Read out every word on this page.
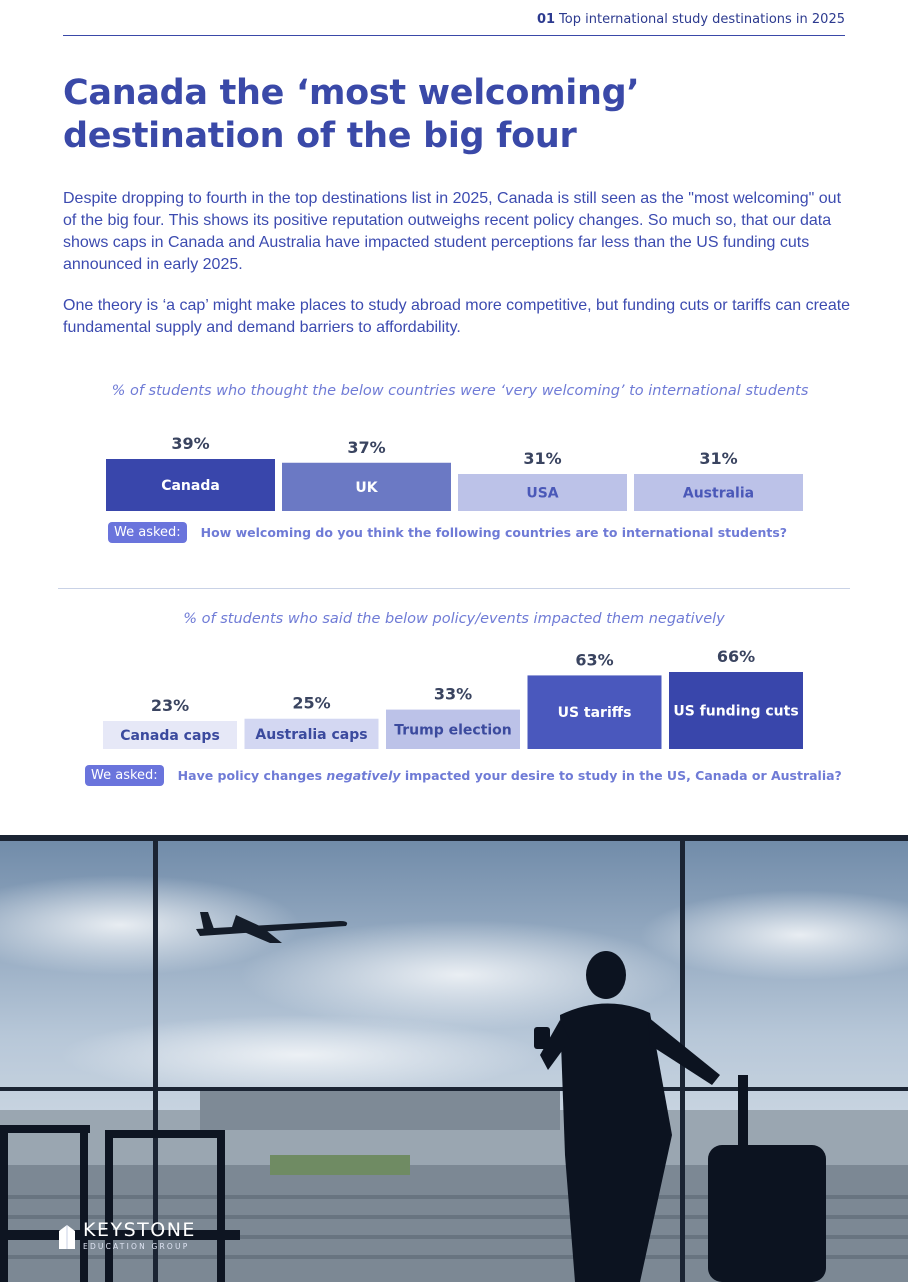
01 Top international study destinations in 2025
Canada the ‘most welcoming’ destination of the big four

Despite dropping to fourth in the top destinations list in 2025, Canada is still seen as the "most welcoming" out of the big four. This shows its positive reputation outweighs recent policy changes. So much so, that our data shows caps in Canada and Australia have impacted student perceptions far less than the US funding cuts announced in early 2025.

One theory is ‘a cap’ might make places to study abroad more competitive, but funding cuts or tariffs can create fundamental supply and demand barriers to affordability.

% of students who thought the below countries were ‘very welcoming’ to international students
Canada
39%
UK
37%
USA
31%
Australia
31%
We asked:	How welcoming do you think the following countries are to international students?
% of students who said the below policy/events impacted them negatively
Canada caps
23%
Australia caps
25%
Trump election
33%
US tariffs
63%
US funding cuts
66%
We asked:	Have policy changes negatively impacted your desire to study in the US, Canada or Australia?
KEYSTONE
EDUCATION GROUP
